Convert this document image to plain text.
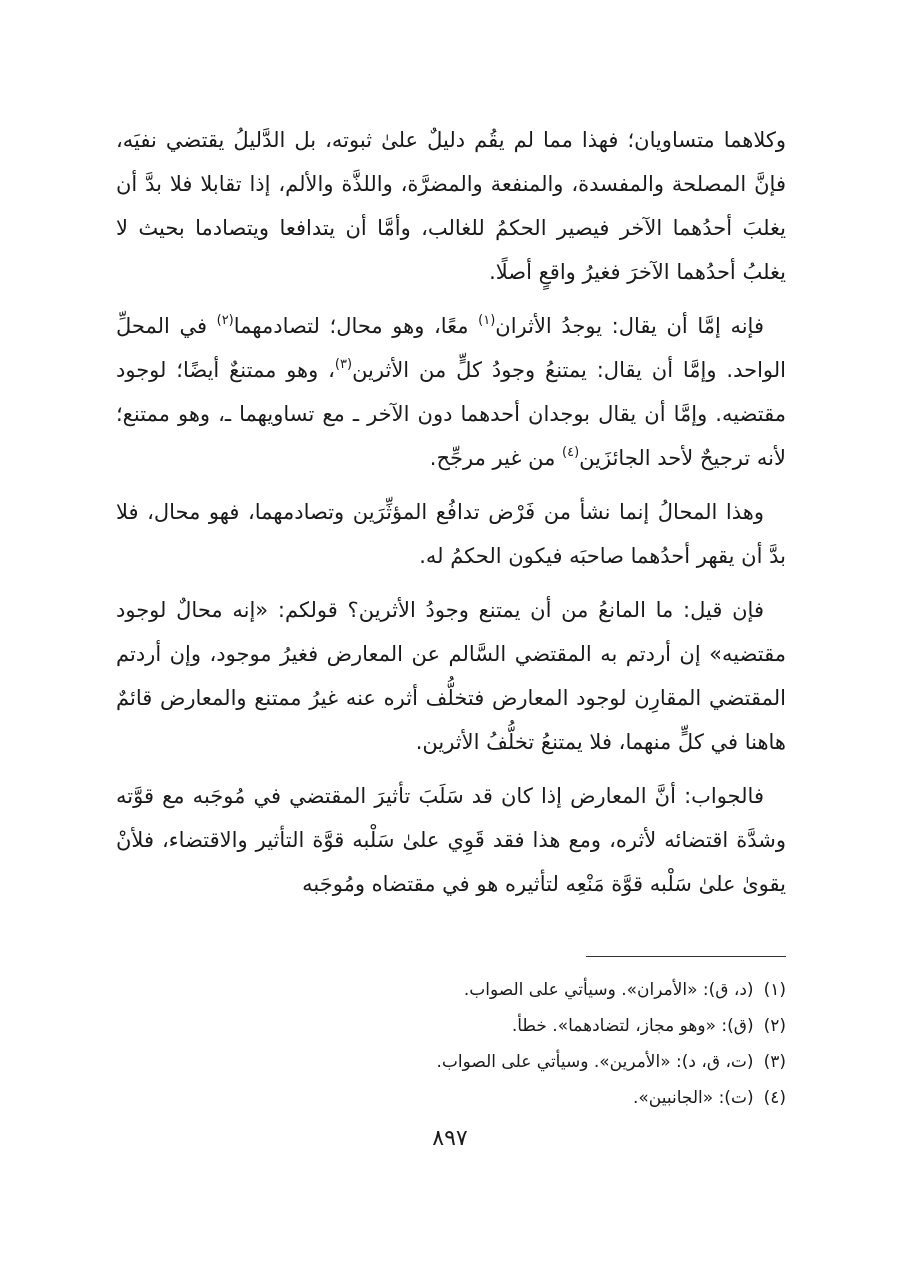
وكلاهما متساويان؛ فهذا مما لم يقُم دليلٌ علىٰ ثبوته، بل الدَّليلُ يقتضي نفيَه، فإنَّ المصلحة والمفسدة، والمنفعة والمضرَّة، واللذَّة والألم، إذا تقابلا فلا بدَّ أن يغلبَ أحدُهما الآخر فيصير الحكمُ للغالب، وأمَّا أن يتدافعا ويتصادما بحيث لا يغلبُ أحدُهما الآخرَ فغيرُ واقعٍ أصلًا.

فإنه إمَّا أن يقال: يوجدُ الأثران$^{(١)}$ معًا، وهو محال؛ لتصادمهما$^{(٢)}$ في المحلِّ الواحد. وإمَّا أن يقال: يمتنعُ وجودُ كلٍّ من الأثرين$^{(٣)}$، وهو ممتنعٌ أيضًا؛ لوجود مقتضيه. وإمَّا أن يقال بوجدان أحدهما دون الآخر ـ مع تساويهما ـ، وهو ممتنع؛ لأنه ترجيحٌ لأحد الجائزَين$^{(٤)}$ من غير مرجِّح.

وهذا المحالُ إنما نشأ من فَرْض تدافُع المؤثِّرَين وتصادمهما، فهو محال، فلا بدَّ أن يقهر أحدُهما صاحبَه فيكون الحكمُ له.

فإن قيل: ما المانعُ من أن يمتنع وجودُ الأثرين؟ قولكم: «إنه محالٌ لوجود مقتضيه» إن أردتم به المقتضي السَّالم عن المعارض فغيرُ موجود، وإن أردتم المقتضي المقارِن لوجود المعارض فتخلُّف أثره عنه غيرُ ممتنع والمعارض قائمٌ هاهنا في كلٍّ منهما، فلا يمتنعُ تخلُّفُ الأثرين.

فالجواب: أنَّ المعارض إذا كان قد سَلَبَ تأثيرَ المقتضي في مُوجَبه مع قوَّته وشدَّة اقتضائه لأثره، ومع هذا فقد قَوِي علىٰ سَلْبه قوَّة التأثير والاقتضاء، فلأنْ يقوىٰ علىٰ سَلْبه قوَّة مَنْعِه لتأثيره هو في مقتضاه ومُوجَبه

(١)(د، ق): «الأمران». وسيأتي على الصواب.

(٢)(ق): «وهو مجاز، لتضادهما». خطأ.

(٣)(ت، ق، د): «الأمرين». وسيأتي على الصواب.

(٤)(ت): «الجانبين».

٨٩٧
